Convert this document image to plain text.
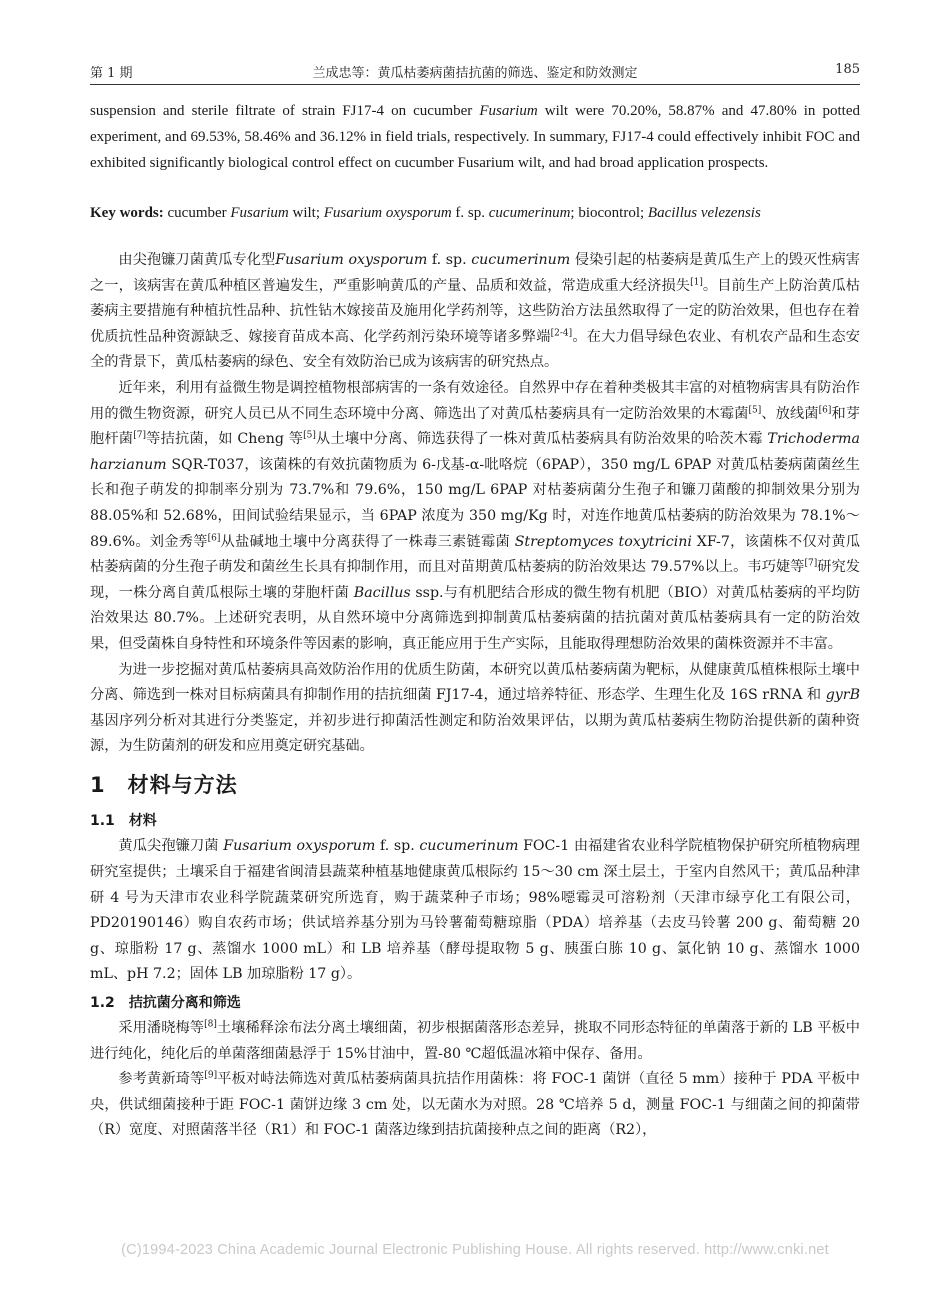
第 1 期	兰成忠等：黄瓜枯萎病菌拮抗菌的筛选、鉴定和防效测定	185
suspension and sterile filtrate of strain FJ17-4 on cucumber Fusarium wilt were 70.20%, 58.87% and 47.80% in potted experiment, and 69.53%, 58.46% and 36.12% in field trials, respectively. In summary, FJ17-4 could effectively inhibit FOC and exhibited significantly biological control effect on cucumber Fusarium wilt, and had broad application prospects.
Key words: cucumber Fusarium wilt; Fusarium oxysporum f. sp. cucumerinum; biocontrol; Bacillus velezensis

由尖孢镰刀菌黄瓜专化型Fusarium oxysporum f. sp. cucumerinum 侵染引起的枯萎病是黄瓜生产上的毁灭性病害之一，该病害在黄瓜种植区普遍发生，严重影响黄瓜的产量、品质和效益，常造成重大经济损失[1]。目前生产上防治黄瓜枯萎病主要措施有种植抗性品种、抗性钻木嫁接苗及施用化学药剂等，这些防治方法虽然取得了一定的防治效果，但也存在着优质抗性品种资源缺乏、嫁接育苗成本高、化学药剂污染环境等诸多弊端[2-4]。在大力倡导绿色农业、有机农产品和生态安全的背景下，黄瓜枯萎病的绿色、安全有效防治已成为该病害的研究热点。

近年来，利用有益微生物是调控植物根部病害的一条有效途径。自然界中存在着种类极其丰富的对植物病害具有防治作用的微生物资源，研究人员已从不同生态环境中分离、筛选出了对黄瓜枯萎病具有一定防治效果的木霉菌[5]、放线菌[6]和芽胞杆菌[7]等拮抗菌，如 Cheng 等[5]从土壤中分离、筛选获得了一株对黄瓜枯萎病具有防治效果的哈茨木霉 Trichoderma harzianum SQR-T037，该菌株的有效抗菌物质为 6-戊基-α-吡咯烷（6PAP），350 mg/L 6PAP 对黄瓜枯萎病菌菌丝生长和孢子萌发的抑制率分别为 73.7%和 79.6%，150 mg/L 6PAP 对枯萎病菌分生孢子和镰刀菌酸的抑制效果分别为 88.05%和 52.68%，田间试验结果显示，当 6PAP 浓度为 350 mg/Kg 时，对连作地黄瓜枯萎病的防治效果为 78.1%～89.6%。刘金秀等[6]从盐碱地土壤中分离获得了一株毒三素链霉菌 Streptomyces toxytricini XF-7，该菌株不仅对黄瓜枯萎病菌的分生孢子萌发和菌丝生长具有抑制作用，而且对苗期黄瓜枯萎病的防治效果达 79.57%以上。韦巧婕等[7]研究发现，一株分离自黄瓜根际土壤的芽胞杆菌 Bacillus ssp.与有机肥结合形成的微生物有机肥（BIO）对黄瓜枯萎病的平均防治效果达 80.7%。上述研究表明，从自然环境中分离筛选到抑制黄瓜枯萎病菌的拮抗菌对黄瓜枯萎病具有一定的防治效果，但受菌株自身特性和环境条件等因素的影响，真正能应用于生产实际，且能取得理想防治效果的菌株资源并不丰富。

为进一步挖掘对黄瓜枯萎病具高效防治作用的优质生防菌，本研究以黄瓜枯萎病菌为靶标，从健康黄瓜植株根际土壤中分离、筛选到一株对目标病菌具有抑制作用的拮抗细菌 FJ17-4，通过培养特征、形态学、生理生化及 16S rRNA 和 gyrB 基因序列分析对其进行分类鉴定，并初步进行抑菌活性测定和防治效果评估，以期为黄瓜枯萎病生物防治提供新的菌种资源，为生防菌剂的研发和应用奠定研究基础。

1 材料与方法
1.1 材料

黄瓜尖孢镰刀菌 Fusarium oxysporum f. sp. cucumerinum FOC-1 由福建省农业科学院植物保护研究所植物病理研究室提供；土壤采自于福建省闽清县蔬菜种植基地健康黄瓜根际约 15～30 cm 深土层土，于室内自然风干；黄瓜品种津研 4 号为天津市农业科学院蔬菜研究所选育，购于蔬菜种子市场；98%噁霉灵可溶粉剂（天津市绿亨化工有限公司，PD20190146）购自农药市场；供试培养基分别为马铃薯葡萄糖琼脂（PDA）培养基（去皮马铃薯 200 g、葡萄糖 20 g、琼脂粉 17 g、蒸馏水 1000 mL）和 LB 培养基（酵母提取物 5 g、胰蛋白胨 10 g、氯化钠 10 g、蒸馏水 1000 mL、pH 7.2；固体 LB 加琼脂粉 17 g）。

1.2 拮抗菌分离和筛选

采用潘晓梅等[8]土壤稀释涂布法分离土壤细菌，初步根据菌落形态差异，挑取不同形态特征的单菌落于新的 LB 平板中进行纯化，纯化后的单菌落细菌悬浮于 15%甘油中，置-80 ℃超低温冰箱中保存、备用。

参考黄新琦等[9]平板对峙法筛选对黄瓜枯萎病菌具抗拮作用菌株：将 FOC-1 菌饼（直径 5 mm）接种于 PDA 平板中央，供试细菌接种于距 FOC-1 菌饼边缘 3 cm 处，以无菌水为对照。28 ℃培养 5 d，测量 FOC-1 与细菌之间的抑菌带（R）宽度、对照菌落半径（R1）和 FOC-1 菌落边缘到拮抗菌接种点之间的距离（R2），

(C)1994-2023 China Academic Journal Electronic Publishing House. All rights reserved. http://www.cnki.net
